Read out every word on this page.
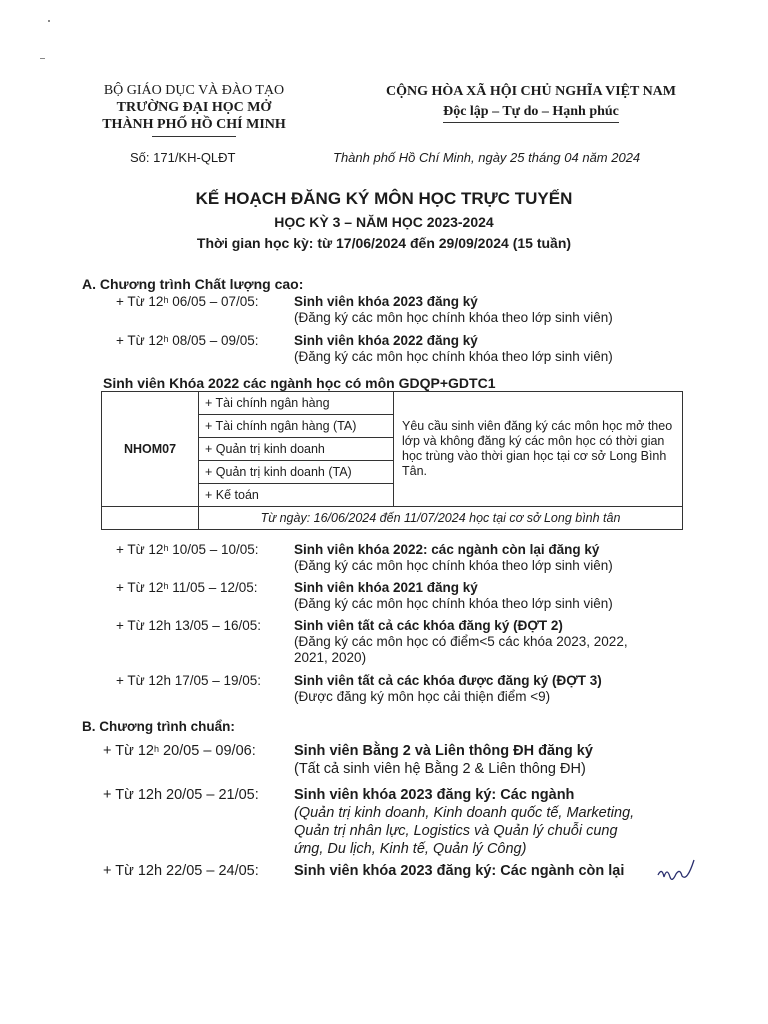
BỘ GIÁO DỤC VÀ ĐÀO TẠO
TRƯỜNG ĐẠI HỌC MỞ
THÀNH PHỐ HỒ CHÍ MINH
CỘNG HÒA XÃ HỘI CHỦ NGHĨA VIỆT NAM
Độc lập – Tự do – Hạnh phúc
Số: 171/KH-QLĐT	Thành phố Hồ Chí Minh, ngày 25 tháng 04 năm 2024
KẾ HOẠCH ĐĂNG KÝ MÔN HỌC TRỰC TUYẾN
HỌC KỲ 3 – NĂM HỌC 2023-2024
Thời gian học kỳ: từ 17/06/2024 đến 29/09/2024 (15 tuần)
A. Chương trình Chất lượng cao:
+ Từ 12$^h$ 06/05 – 07/05:	Sinh viên khóa 2023 đăng ký
(Đăng ký các môn học chính khóa theo lớp sinh viên)
+ Từ 12$^h$ 08/05 – 09/05:	Sinh viên khóa 2022 đăng ký
(Đăng ký các môn học chính khóa theo lớp sinh viên)
Sinh viên Khóa 2022 các ngành học có môn GDQP+GDTC1
NHOM07	+ Tài chính ngân hàng	Yêu cầu sinh viên đăng ký các môn học mở theo lớp và không đăng ký các môn học có thời gian học trùng vào thời gian học tại cơ sở Long Bình Tân.
	+ Tài chính ngân hàng (TA)	
	+ Quản trị kinh doanh	
	+ Quản trị kinh doanh (TA)	
	+ Kế toán	
	Từ ngày: 16/06/2024 đến 11/07/2024 học tại cơ sở Long bình tân	
+ Từ 12$^h$ 10/05 – 10/05:	Sinh viên khóa 2022: các ngành còn lại đăng ký
(Đăng ký các môn học chính khóa theo lớp sinh viên)
+ Từ 12$^h$ 11/05 – 12/05:	Sinh viên khóa 2021 đăng ký
(Đăng ký các môn học chính khóa theo lớp sinh viên)
+ Từ 12h 13/05 – 16/05: Sinh viên tất cả các khóa đăng ký (ĐỢT 2)
(Đăng ký các môn học có điểm<5 các khóa 2023, 2022,
2021, 2020)
+ Từ 12h 17/05 – 19/05: Sinh viên tất cả các khóa được đăng ký (ĐỢT 3)
(Được đăng ký môn học cải thiện điểm <9)
B. Chương trình chuẩn:
+ Từ 12$^h$ 20/05 – 09/06:	Sinh viên Bằng 2 và Liên thông ĐH đăng ký
(Tất cả sinh viên hệ Bằng 2 & Liên thông ĐH)
+ Từ 12h 20/05 – 21/05: Sinh viên khóa 2023 đăng ký: Các ngành
(Quản trị kinh doanh, Kinh doanh quốc tế, Marketing,
Quản trị nhân lực, Logistics và Quản lý chuỗi cung
ứng, Du lịch, Kinh tế, Quản lý Công)
+ Từ 12h 22/05 – 24/05: Sinh viên khóa 2023 đăng ký: Các ngành còn lại
